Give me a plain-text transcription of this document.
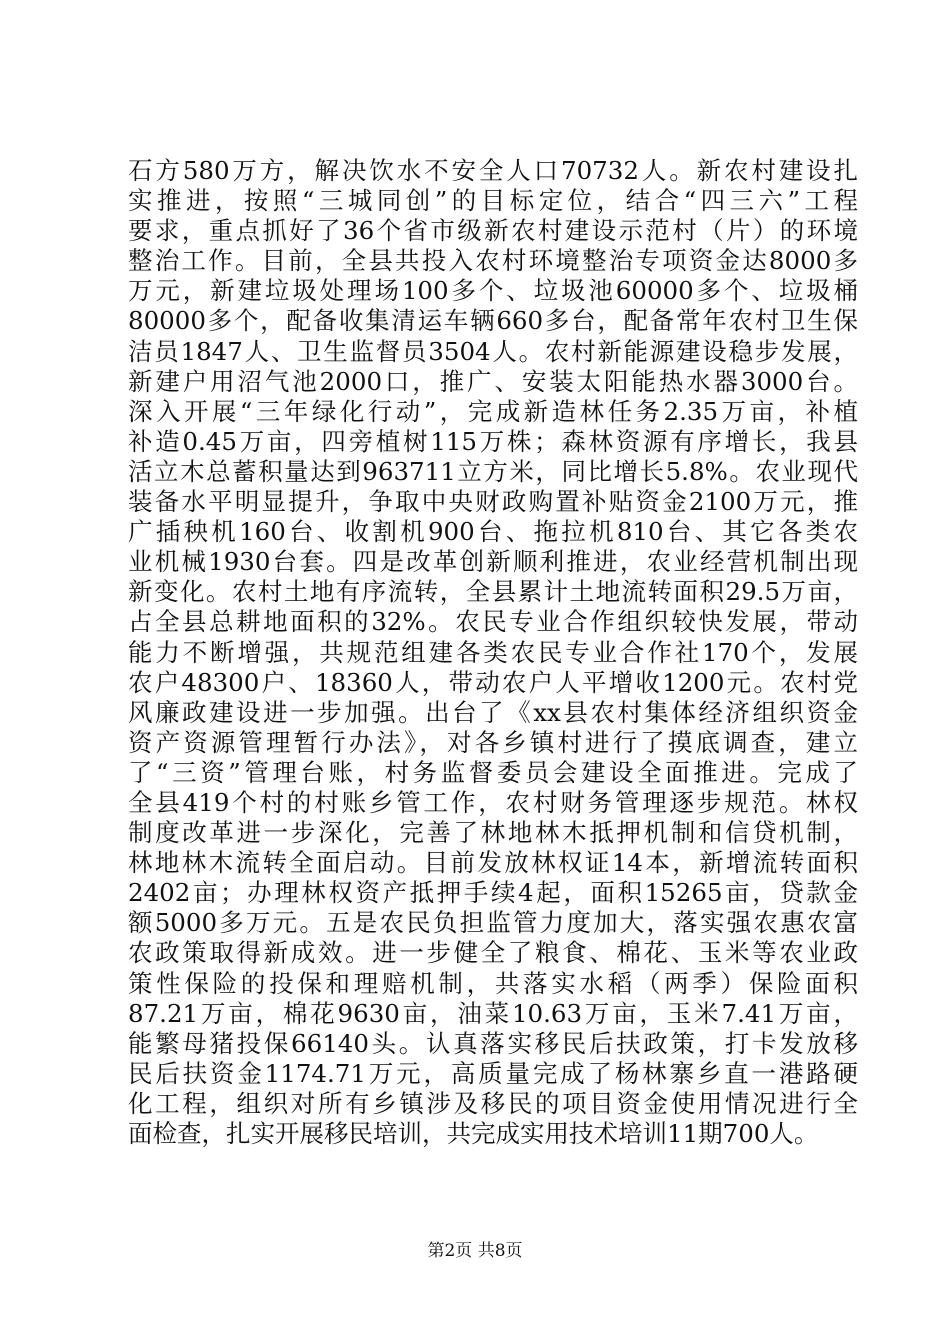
石方580万方，解决饮水不安全人口70732人。新农村建设扎
实推进，按照“三城同创”的目标定位，结合“四三六”工程
要求，重点抓好了36个省市级新农村建设示范村（片）的环境
整治工作。目前，全县共投入农村环境整治专项资金达8000多
万元，新建垃圾处理场100多个、垃圾池60000多个、垃圾桶
80000多个，配备收集清运车辆660多台，配备常年农村卫生保
洁员1847人、卫生监督员3504人。农村新能源建设稳步发展，
新建户用沼气池2000口，推广、安装太阳能热水器3000台。
深入开展“三年绿化行动”，完成新造林任务2.35万亩，补植
补造0.45万亩，四旁植树115万株；森林资源有序增长，我县
活立木总蓄积量达到963711立方米，同比增长5.8%。农业现代
装备水平明显提升，争取中央财政购置补贴资金2100万元，推
广插秧机160台、收割机900台、拖拉机810台、其它各类农
业机械1930台套。四是改革创新顺利推进，农业经营机制出现
新变化。农村土地有序流转，全县累计土地流转面积29.5万亩，
占全县总耕地面积的32%。农民专业合作组织较快发展，带动
能力不断增强，共规范组建各类农民专业合作社170个，发展
农户48300户、18360人，带动农户人平增收1200元。农村党
风廉政建设进一步加强。出台了《xx县农村集体经济组织资金
资产资源管理暂行办法》，对各乡镇村进行了摸底调查，建立
了“三资”管理台账，村务监督委员会建设全面推进。完成了
全县419个村的村账乡管工作，农村财务管理逐步规范。林权
制度改革进一步深化，完善了林地林木抵押机制和信贷机制，
林地林木流转全面启动。目前发放林权证14本，新增流转面积
2402亩；办理林权资产抵押手续4起，面积15265亩，贷款金
额5000多万元。五是农民负担监管力度加大，落实强农惠农富
农政策取得新成效。进一步健全了粮食、棉花、玉米等农业政
策性保险的投保和理赔机制，共落实水稻（两季）保险面积
87.21万亩，棉花9630亩，油菜10.63万亩，玉米7.41万亩，
能繁母猪投保66140头。认真落实移民后扶政策，打卡发放移
民后扶资金1174.71万元，高质量完成了杨林寨乡直一港路硬
化工程，组织对所有乡镇涉及移民的项目资金使用情况进行全
面检查，扎实开展移民培训，共完成实用技术培训11期700人。
第2页 共8页
